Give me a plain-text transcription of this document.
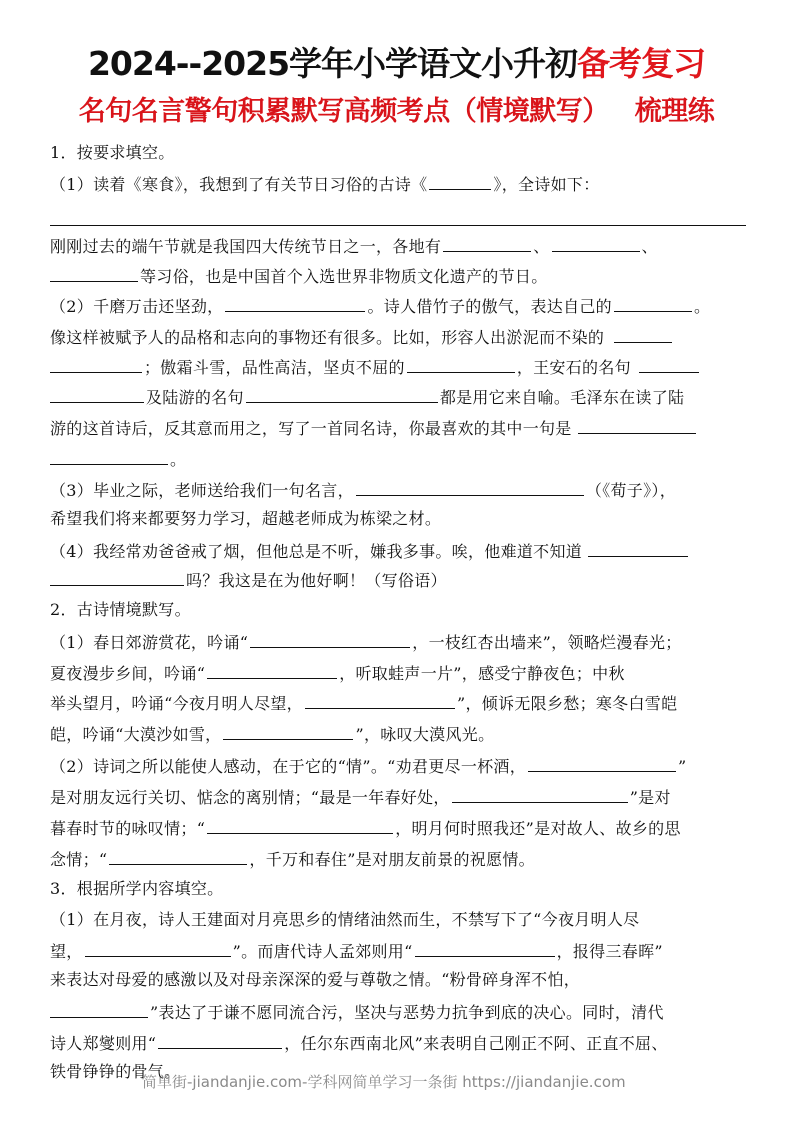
2024--2025学年小学语文小升初备考复习
名句名言警句积累默写高频考点（情境默写） 梳理练
1．按要求填空。
（1）读着《寒食》，我想到了有关节日习俗的古诗《	》，全诗如下：
刚刚过去的端午节就是我国四大传统节日之一，各地有	、	、
等习俗，也是中国首个入选世界非物质文化遗产的节日。
（2）千磨万击还坚劲，	。诗人借竹子的傲气，表达自己的	。
像这样被赋予人的品格和志向的事物还有很多。比如，形容人出淤泥而不染的
；傲霜斗雪，品性高洁，坚贞不屈的	，王安石的名句
及陆游的名句	都是用它来自喻。毛泽东在读了陆
游的这首诗后，反其意而用之，写了一首同名诗，你最喜欢的其中一句是
。
（3）毕业之际，老师送给我们一句名言，	（《荀子》），
希望我们将来都要努力学习，超越老师成为栋梁之材。
（4）我经常劝爸爸戒了烟，但他总是不听，嫌我多事。唉，他难道不知道
吗？我这是在为他好啊！（写俗语）
2．古诗情境默写。
（1）春日郊游赏花，吟诵“	，一枝红杏出墙来”，领略烂漫春光；
夏夜漫步乡间，吟诵“	，听取蛙声一片”，感受宁静夜色；中秋
举头望月，吟诵“今夜月明人尽望，	”，倾诉无限乡愁；寒冬白雪皑
皑，吟诵“大漠沙如雪，	”，咏叹大漠风光。
（2）诗词之所以能使人感动，在于它的“情”。“劝君更尽一杯酒，	”
是对朋友远行关切、惦念的离别情；“最是一年春好处，	”是对
暮春时节的咏叹情；“	，明月何时照我还”是对故人、故乡的思
念情；“	，千万和春住”是对朋友前景的祝愿情。
3．根据所学内容填空。
（1）在月夜，诗人王建面对月亮思乡的情绪油然而生，不禁写下了“今夜月明人尽
望，	”。而唐代诗人孟郊则用“	，报得三春晖”
来表达对母爱的感激以及对母亲深深的爱与尊敬之情。“粉骨碎身浑不怕，
”表达了于谦不愿同流合污，坚决与恶势力抗争到底的决心。同时，清代
诗人郑燮则用“	，任尔东西南北风”来表明自己刚正不阿、正直不屈、
铁骨铮铮的骨气。
简单街-jiandanjie.com-学科网简单学习一条街 https://jiandanjie.com
